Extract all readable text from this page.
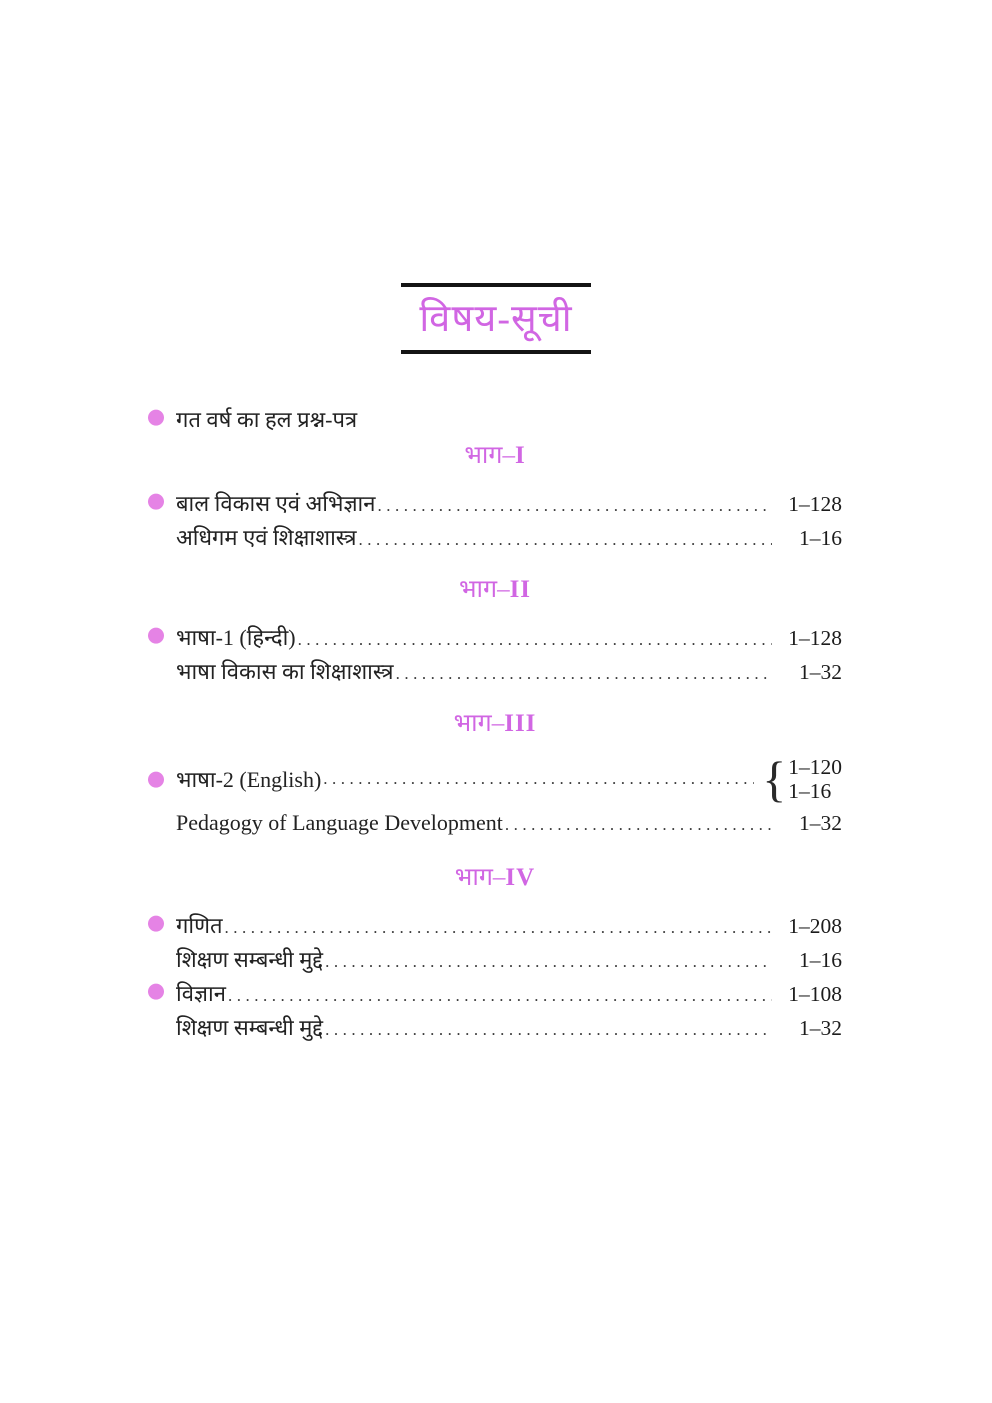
विषय-सूची
गत वर्ष का हल प्रश्न-पत्र
भाग–I
बाल विकास एवं अभिज्ञान .....	1–128
अधिगम एवं शिक्षाशास्त्र .....	1–16
भाग–II
भाषा-1 (हिन्दी) .....	1–128
भाषा विकास का शिक्षाशास्त्र .....	1–32
भाग–III
भाषा-2 (English) .....	{ 1–120
1–16
Pedagogy of Language Development .....	1–32
भाग–IV
गणित .....	1–208
शिक्षण सम्बन्धी मुद्दे .....	1–16
विज्ञान .....	1–108
शिक्षण सम्बन्धी मुद्दे .....	1–32
